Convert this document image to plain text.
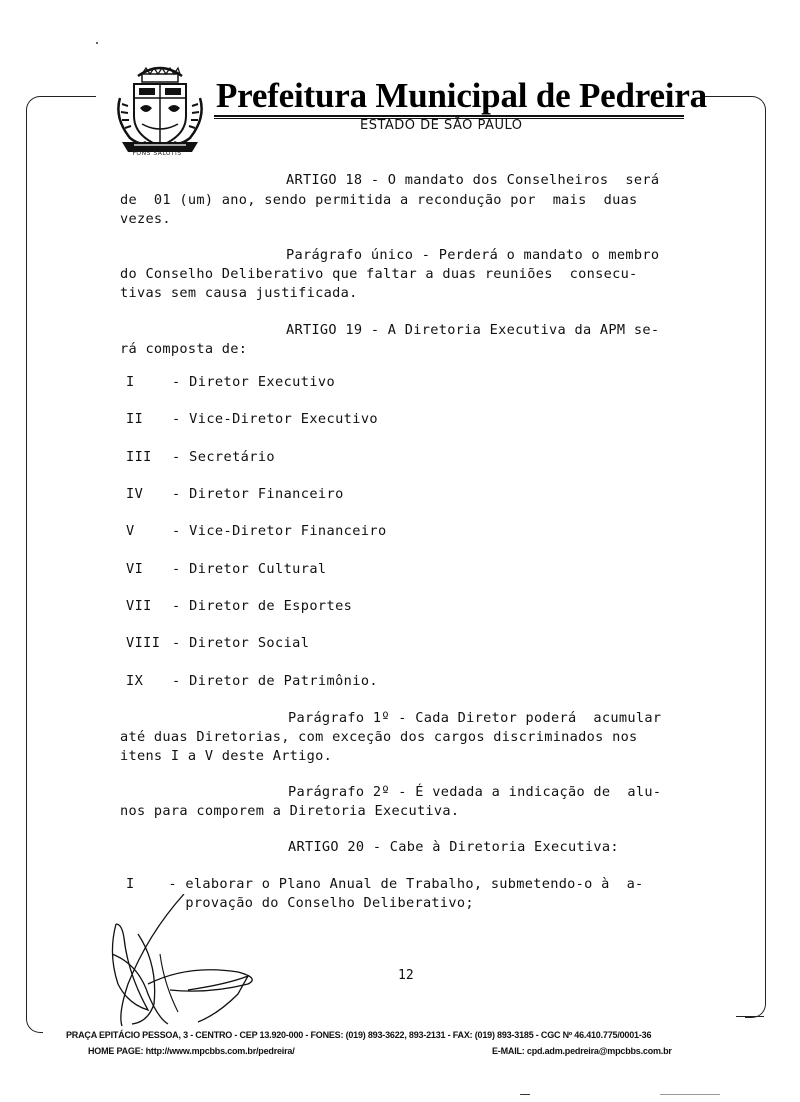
FONS SALUTIS
Prefeitura Municipal de Pedreira
ESTADO DE SÃO PAULO
ARTIGO 18 - O mandato dos Conselheiros  será
de  01 (um) ano, sendo permitida a recondução por  mais  duas
vezes.
Parágrafo único - Perderá o mandato o membro
do Conselho Deliberativo que faltar a duas reuniões  consecu-
tivas sem causa justificada.
ARTIGO 19 - A Diretoria Executiva da APM se-
rá composta de:
I	- Diretor Executivo
II - Vice-Diretor Executivo
III - Secretário
IV - Diretor Financeiro
V	- Vice-Diretor Financeiro
VI - Diretor Cultural
VII - Diretor de Esportes
VIII - Diretor Social
IX - Diretor de Patrimônio.
Parágrafo 1º - Cada Diretor poderá  acumular
até duas Diretorias, com exceção dos cargos discriminados nos
itens I a V deste Artigo.
Parágrafo 2º - É vedada a indicação de  alu-
nos para comporem a Diretoria Executiva.
ARTIGO 20 - Cabe à Diretoria Executiva:
I    - elaborar o Plano Anual de Trabalho, submetendo-o à  a-
provação do Conselho Deliberativo;
12
PRAÇA EPITÁCIO PESSOA, 3 - CENTRO - CEP 13.920-000 - FONES: (019) 893-3622, 893-2131 - FAX: (019) 893-3185 - CGC Nº 46.410.775/0001-36
HOME PAGE: http://www.mpcbbs.com.br/pedreira/	E-MAIL: cpd.adm.pedreira@mpcbbs.com.br
